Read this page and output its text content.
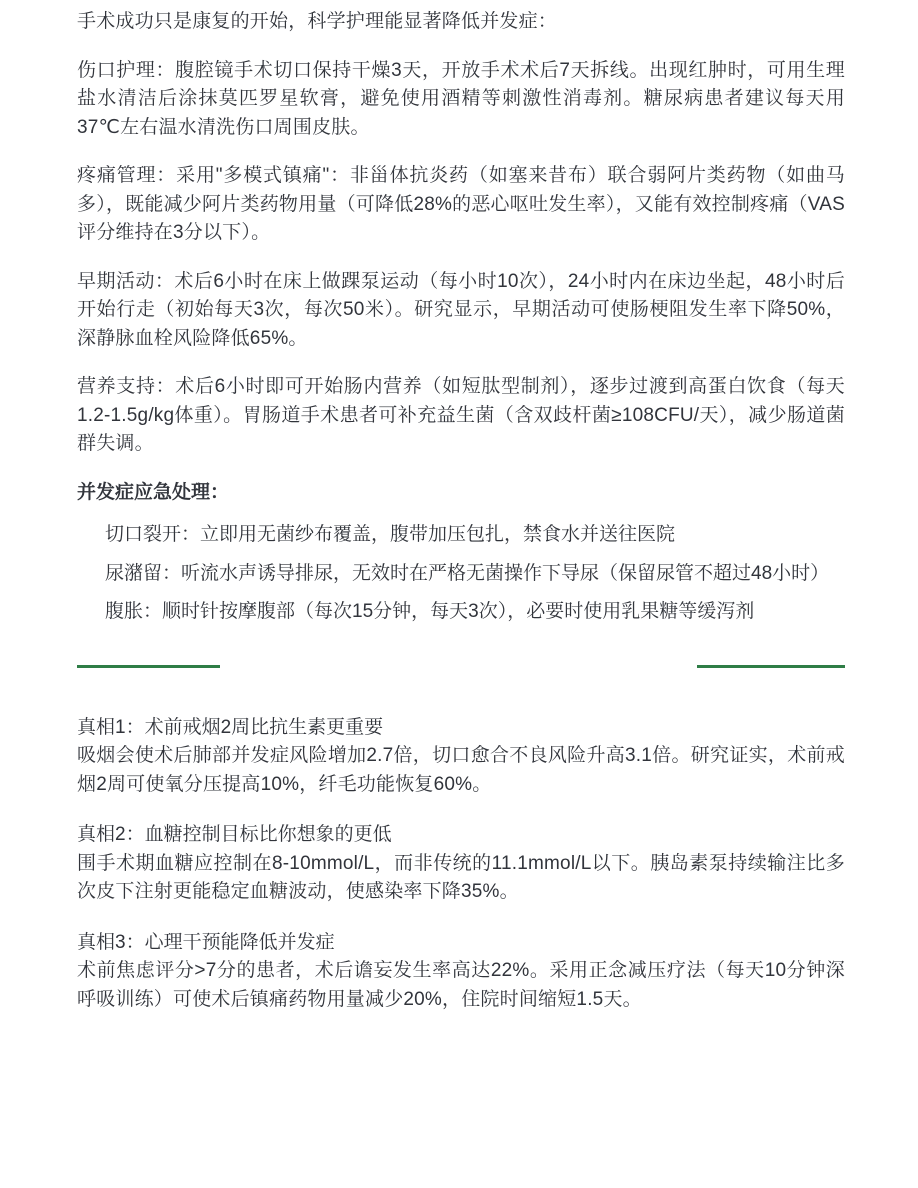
手术成功只是康复的开始，科学护理能显著降低并发症：

伤口护理：腹腔镜手术切口保持干燥3天，开放手术术后7天拆线。出现红肿时，可用生理盐水清洁后涂抹莫匹罗星软膏，避免使用酒精等刺激性消毒剂。糖尿病患者建议每天用37℃左右温水清洗伤口周围皮肤。

疼痛管理：采用"多模式镇痛"：非甾体抗炎药（如塞来昔布）联合弱阿片类药物（如曲马多），既能减少阿片类药物用量（可降低28%的恶心呕吐发生率），又能有效控制疼痛（VAS评分维持在3分以下）。

早期活动：术后6小时在床上做踝泵运动（每小时10次），24小时内在床边坐起，48小时后开始行走（初始每天3次，每次50米）。研究显示，早期活动可使肠梗阻发生率下降50%，深静脉血栓风险降低65%。

营养支持：术后6小时即可开始肠内营养（如短肽型制剂），逐步过渡到高蛋白饮食（每天1.2-1.5g/kg体重）。胃肠道手术患者可补充益生菌（含双歧杆菌≥108CFU/天），减少肠道菌群失调。

并发症应急处理：

切口裂开：立即用无菌纱布覆盖，腹带加压包扎，禁食水并送往医院

尿潴留：听流水声诱导排尿，无效时在严格无菌操作下导尿（保留尿管不超过48小时）

腹胀：顺时针按摩腹部（每次15分钟，每天3次），必要时使用乳果糖等缓泻剂

真相1：术前戒烟2周比抗生素更重要

吸烟会使术后肺部并发症风险增加2.7倍，切口愈合不良风险升高3.1倍。研究证实，术前戒烟2周可使氧分压提高10%，纤毛功能恢复60%。

真相2：血糖控制目标比你想象的更低

围手术期血糖应控制在8-10mmol/L，而非传统的11.1mmol/L以下。胰岛素泵持续输注比多次皮下注射更能稳定血糖波动，使感染率下降35%。

真相3：心理干预能降低并发症

术前焦虑评分>7分的患者，术后谵妄发生率高达22%。采用正念减压疗法（每天10分钟深呼吸训练）可使术后镇痛药物用量减少20%，住院时间缩短1.5天。
